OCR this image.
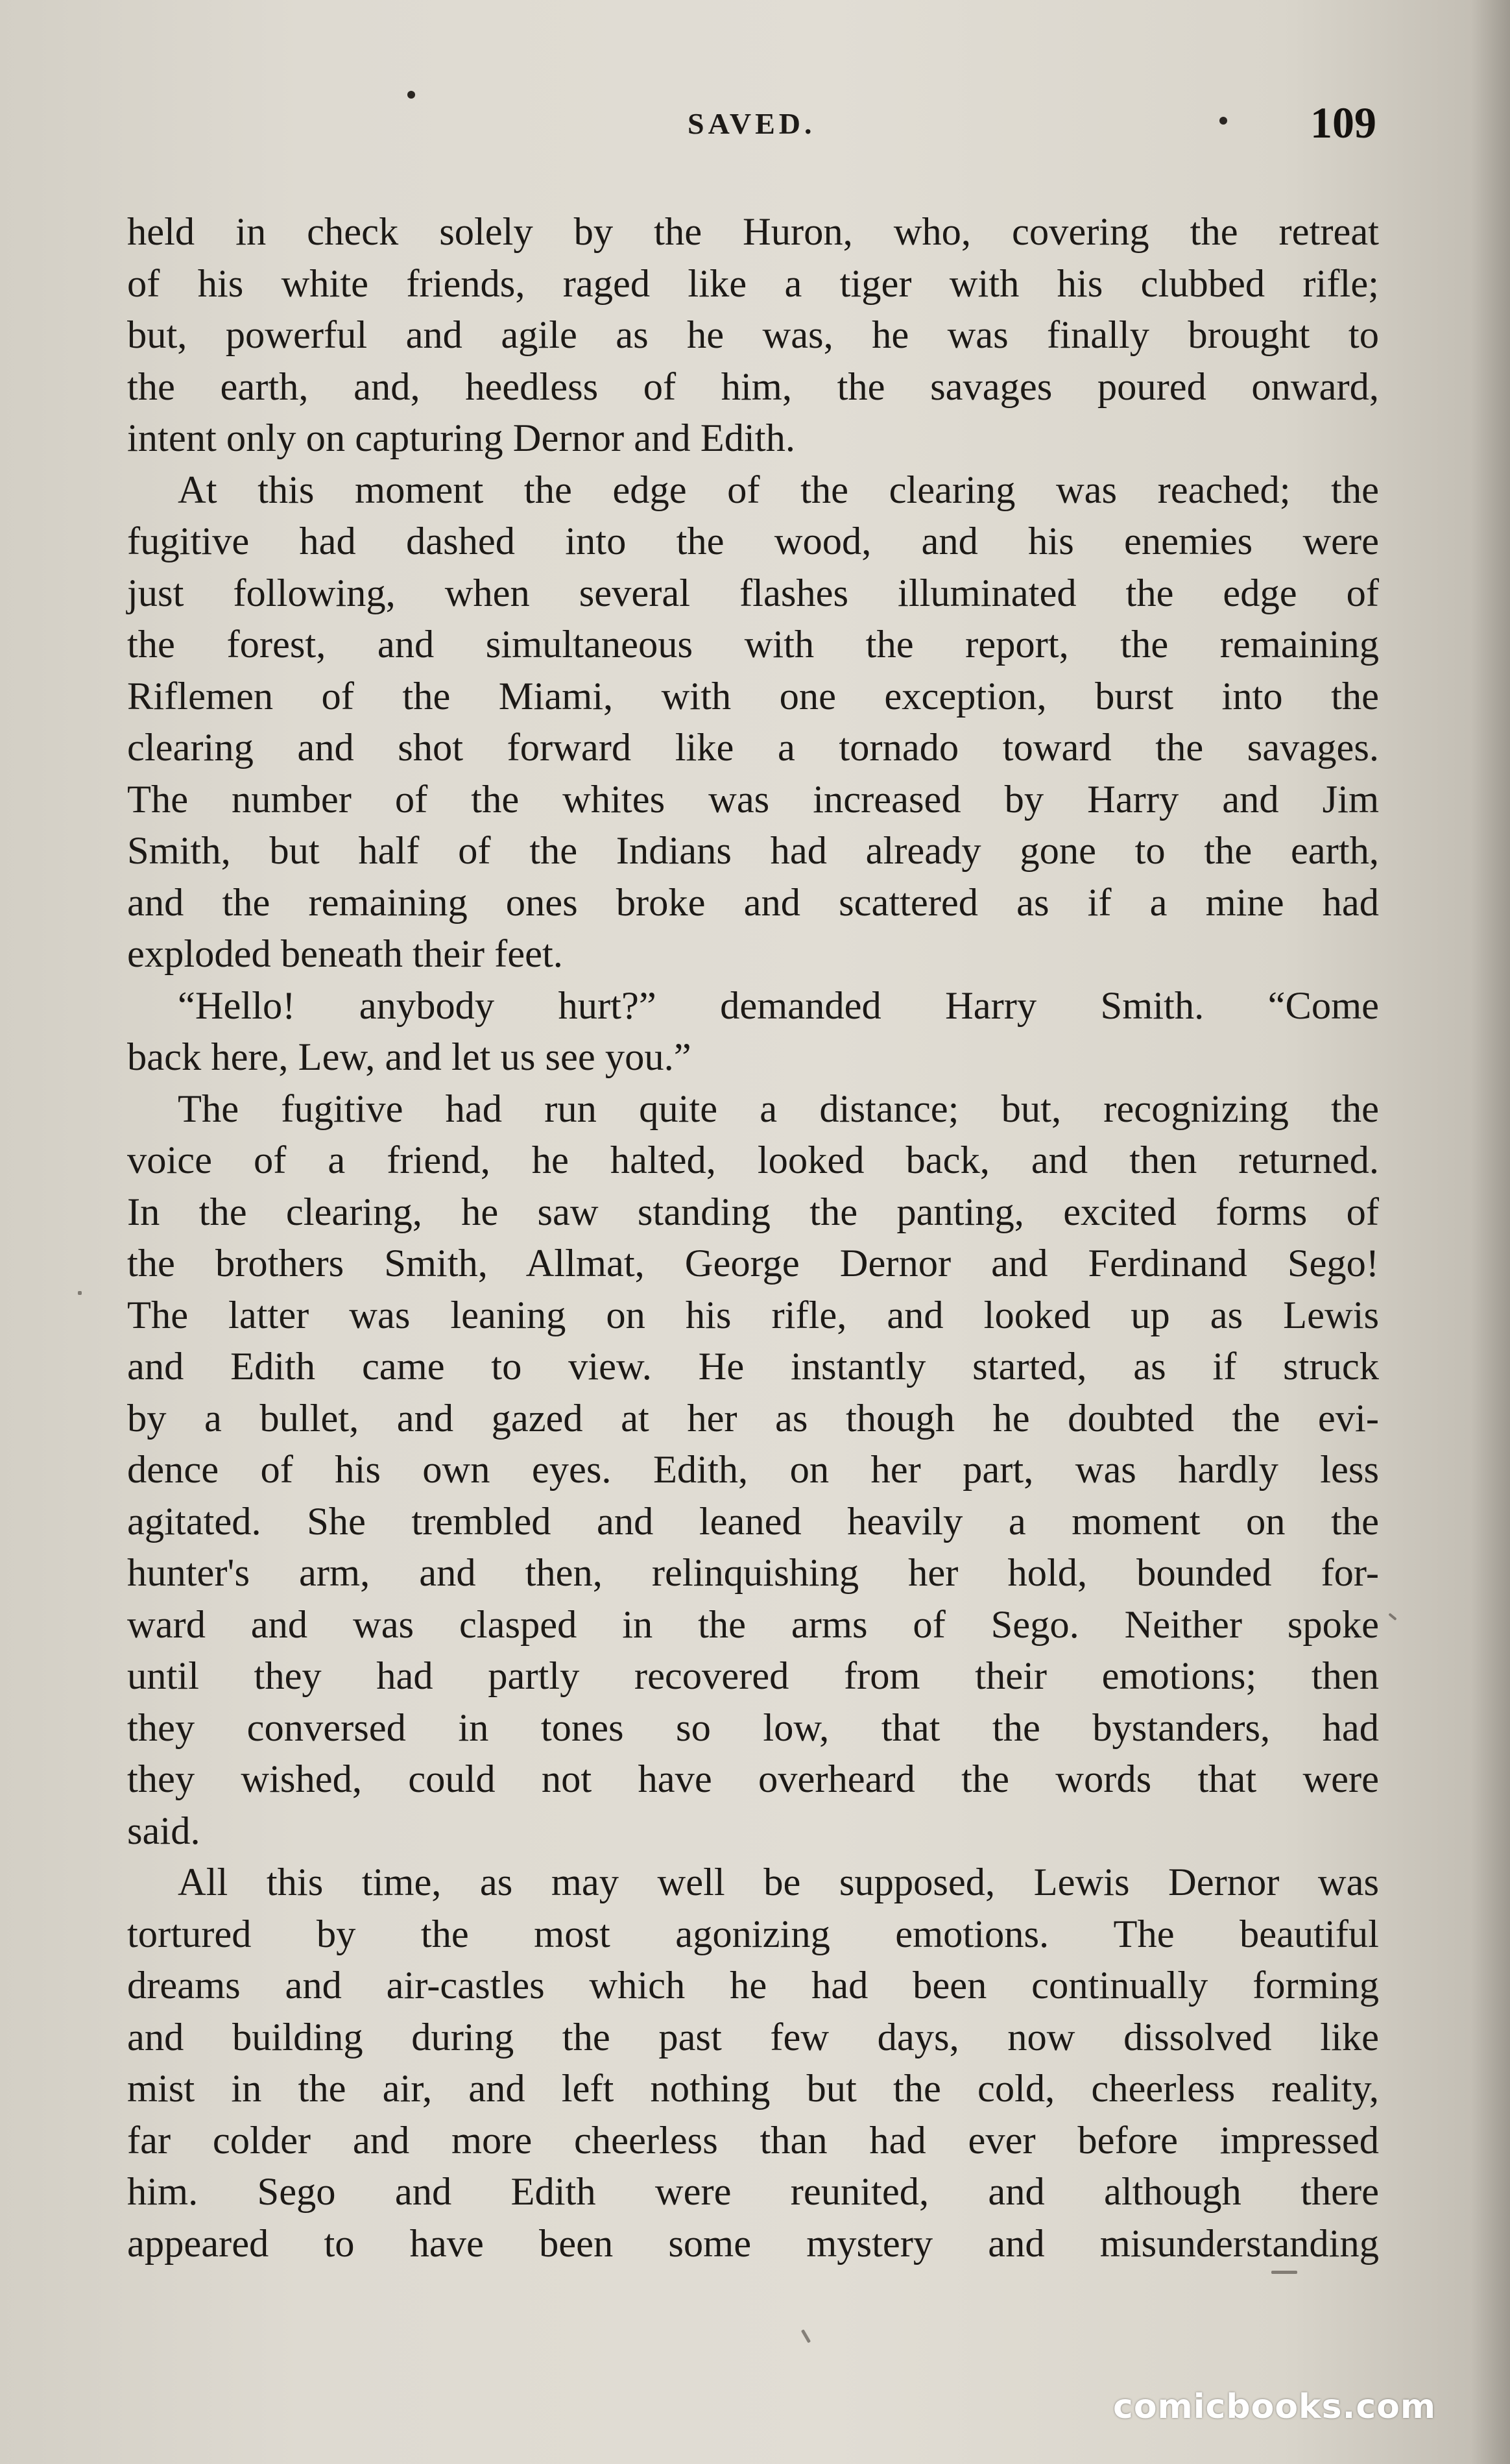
SAVED.	109
held in check solely by the Huron, who, covering the retreat
of his white friends, raged like a tiger with his clubbed rifle;
but, powerful and agile as he was, he was finally brought to
the earth, and, heedless of him, the savages poured onward,
intent only on capturing Dernor and Edith.
At this moment the edge of the clearing was reached; the
fugitive had dashed into the wood, and his enemies were
just following, when several flashes illuminated the edge of
the forest, and simultaneous with the report, the remaining
Riflemen of the Miami, with one exception, burst into the
clearing and shot forward like a tornado toward the savages.
The number of the whites was increased by Harry and Jim
Smith, but half of the Indians had already gone to the earth,
and the remaining ones broke and scattered as if a mine had
exploded beneath their feet.
“Hello! anybody hurt?” demanded Harry Smith. “Come
back here, Lew, and let us see you.”
The fugitive had run quite a distance; but, recognizing the
voice of a friend, he halted, looked back, and then returned.
In the clearing, he saw standing the panting, excited forms of
the brothers Smith, Allmat, George Dernor and Ferdinand Sego!
The latter was leaning on his rifle, and looked up as Lewis
and Edith came to view. He instantly started, as if struck
by a bullet, and gazed at her as though he doubted the evi-
dence of his own eyes. Edith, on her part, was hardly less
agitated. She trembled and leaned heavily a moment on the
hunter's arm, and then, relinquishing her hold, bounded for-
ward and was clasped in the arms of Sego. Neither spoke
until they had partly recovered from their emotions; then
they conversed in tones so low, that the bystanders, had
they wished, could not have overheard the words that were
said.
All this time, as may well be supposed, Lewis Dernor was
tortured by the most agonizing emotions. The beautiful
dreams and air-castles which he had been continually forming
and building during the past few days, now dissolved like
mist in the air, and left nothing but the cold, cheerless reality,
far colder and more cheerless than had ever before impressed
him. Sego and Edith were reunited, and although there
appeared to have been some mystery and misunderstanding
comicbooks.com
